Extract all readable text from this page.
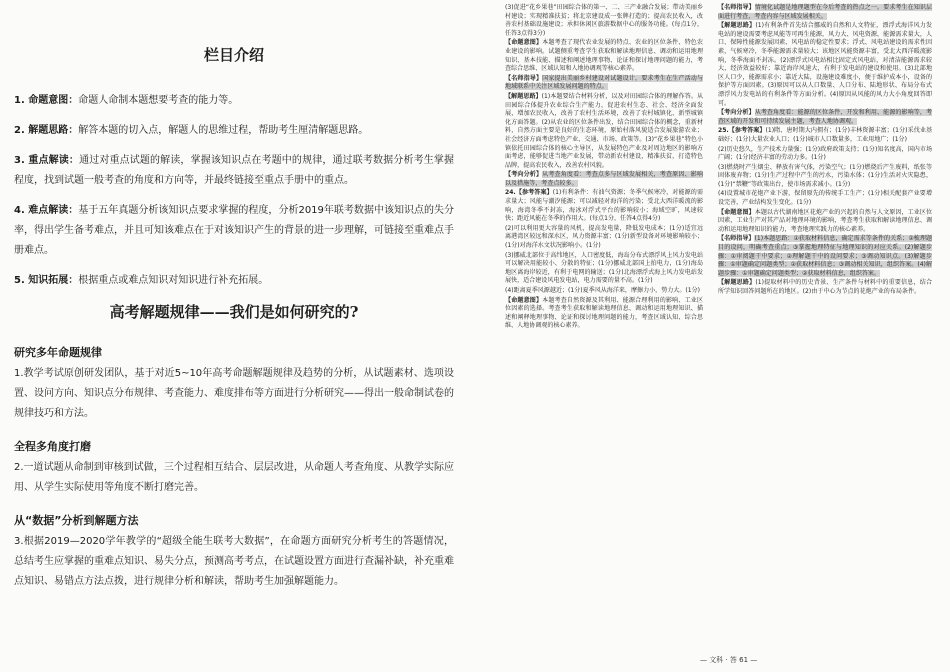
栏目介绍

1. 命题意图：命题人命制本题想要考查的能力等。

2. 解题思路：解答本题的切入点，解题人的思维过程，帮助考生厘清解题思路。

3. 重点解读：通过对重点试题的解读，掌握该知识点在考题中的规律，通过联考数据分析考生掌握程度，找到试题一般考查的角度和方向等，并最终链接至重点手册中的重点。

4. 难点解读：基于五年真题分析该知识点要求掌握的程度，分析2019年联考数据中该知识点的失分率，得出学生备考难点，并且可知该难点在于对该知识产生的背景的进一步理解，可链接至重难点手册难点。

5. 知识拓展：根据重点或难点知识对知识进行补充拓展。

高考解题规律——我们是如何研究的?
研究多年命题规律

1.教学考试原创研发团队，基于对近5~10年高考命题解题规律及趋势的分析，从试题素材、选项设置、设问方向、知识点分布规律、考查能力、难度排布等方面进行分析研究——得出一般命制试卷的规律技巧和方法。

全程多角度打磨

2.一道试题从命制到审核到试做，三个过程相互结合、层层改进，从命题人考查角度、从教学实际应用、从学生实际使用等角度不断打磨完善。

从“数据”分析到解题方法

3.根据2019—2020学年教学的“超级全能生联考大数据”，在命题方面研究分析考生的答题情况，总结考生应掌握的重难点知识、易失分点，预测高考考点，在试题设置方面进行查漏补缺，补充重难点知识、易错点方法点拨，进行规律分析和解读，帮助考生加强解题能力。

(3)促进“花乡果巷”田园综合体的第一、二、三产业融合发展；带动美丽乡村建设；实现精准扶贫；将北京建设成一张牌打造的；提高农民收入，改善农村基础设施建设；承担休闲区旅游数据中心的服务功能。(每点1分，任答3点得3分)

【命题意图】本题考查了现代农业发展的特点、农业的区位条件、特色农业建设的影响。试题侧重考查学生获取和解读地理信息、调动和运用地理知识、基本技能、描述和阐述地理事物、论证和探讨地理问题的能力，考查综合思维、区域认知和人地协调观等核心素养。

【名师指导】国家提出美丽乡村建设对试题设计，要求考生在生产活动与地域联系中关注区域发展问题的特点。

【解题思路】(1)本题要结合材料分析，以及对田园综合体的理解作答。从田园综合体提升农业综合生产能力，促进农村生态、社会、经济全面发展，增加农民收入，改善了农村生活环境，改善了农村城镇化、新型城镇化方面答题。(2)从农业的区位条件出发，结合田园综合体的概念，重新材料，自然方面主要是良好的生态环境，原始村落风貌适合发展旅游农业；社会经济方面考虑特色产业、交通、市场、政策等。(3)“花乡果巷”特色小镇依托田园综合体的核心主导区，从发展特色产业及对周边地区的影响方面考虑，能够促进当地产业发展，带动新农村建设，精准扶贫，打造特色品牌，提高农民收入，改善农村风貌。

【考向分析】从考查角度看：考查点多与区域发展相关，考查原因、影响以及措施等，考查点较多。

24.【参考答案】(1)有利条件：有油气资源；冬季气候寒冷，对能源的需求量大；风能与潮汐能源；可以减轻对海洋的污染；受北大西洋暖流的影响，海湾冬季不封冻，海冰对浮式平台的影响较小；海域空旷，风速较快；距近风能在冬季的作用大。(每点1分，任答4点得4分)

(2)可以利用更大容量的风机，提高发电量，降低发电成本；(1分)适宜远离港湾区较远和深水区，风力资源丰富；(1分)新型设备对环境影响较小；(1分)对海洋水文状况影响小。(1分)

(3)挪威北部位于高纬地区，人口密度低，海岛分布式漂浮风上风力发电站可以解决用能较小、分散的特征；(1分)挪威北部国上拍电力，(1分)海岛地区离海岸较近，有利于电网的输送；(1分)北海漂浮式海上风力发电站发展快，适合建设风电发电站，电力需要的量不高。(1分)

(4)距离夏季风源越近；(1分)夏季风从海洋来，摩擦力小，势力大。(1分)

【命题意图】本题考查自然资源及其利用、能源合理利用的影响、工业区位因素的选择。考查考生获取和解读地理信息、调动和运用地理知识、描述和阐释地理事物、论证和探讨地理问题的能力，考查区域认知、综合思维、人地协调观的核心素养。

【名师指导】情境化试题是地理题型在今后考查的热点之一。要求考生在知识层面进行考查，考查内容与区域发展相关。

【解题思路】(1)有利条件首先结合挪威的自然和人文特征，漂浮式海洋风力发电站的建设需要考虑风能等可再生能源，风力大、风电资源，能源需求量大，人口、保障性能源发展因素、风电站的稳定性要求；浮式、风电站建设的需求性因素，气候寒冷，冬季能源需求量较大；该地区风能资源丰富，受北大西洋暖流影响，冬季海面不封冻。(2)漂浮式风电站相比固定式风电站，对清洁能源需求较大，经济效益较好；靠近海岸风速大，有利于发电站的建设和使用。(3)北部地区人口少，能源需求小；靠近大陆，设施建设难度小，便于维护成本小，设备的保护等方面因素。(3)原因可以从人口数量、人口分布、陆地形状、布局分布式漂浮风力发电站的有利条件等方面分析。(4)原因从风能的风力大小角度回答即可。

【考向分析】从考查角度看：能源的区位条件、开发和利用、能源的影响等，考查区域的开发和可持续发展主题，考查人地协调观。

25.【参考答案】(1)隋、唐时期大内拥有；(1分)丰林资源丰富；(1分)采伐业基础好；(1分)大量农业人口；(1分)城市人口数量多，工业用地广；(1分)

(2)历史悠久，生产技术力量强；(1分)政府政策支持；(1分)知名度高，国内市场广阔；(1分)经济丰富的劳动力多。(1分)

(3)燃烧时产生烟尘、释放有害气体，污染空气；(1分)燃烧后产生废料，纸张等固体废弃物；(1分)生产过程中产生的污水，污染水体；(1分)生活对火灾隐患，(1分)“禁鞭”等政策出台，使市场需求减小。(1分)

(4)设置城市花炮产业下游，保留原先的传统手工生产；(1分)相关配套产业要增设完善，产业结构发生变化。(1分)

【命题意图】本题以古代湖南地区花炮产业的兴起的自然与人文原因，工业区位因素，工业生产对其产品对地理环境的影响，考查考生获取和解读地理信息、调动和运用地理知识的能力，考查地理实践力的核心素养。

【名师指导】(1)本题思路：①获取材料信息，确定需求等条件的关系；②梳理题目的设问，明确考查重点；③掌握地理特征与地理知识的对应关系。(2)解题步骤：①审阅题干中要求；②理解题干中的设问要求；③调动知识点。(3)解题步骤：①审题确定问题类型；②获取材料信息；③调动相关知识，组织答案。(4)解题步骤：①审题确定问题类型；②获取材料信息，组织答案。

【解题思路】(1)提取材料中的历史背景、生产条件与材料中的重要信息，结合所学知识回答问题所在的地区。(2)由于中心为节点的花炮产业的布局条件。

— 文科 · 答 61 —
